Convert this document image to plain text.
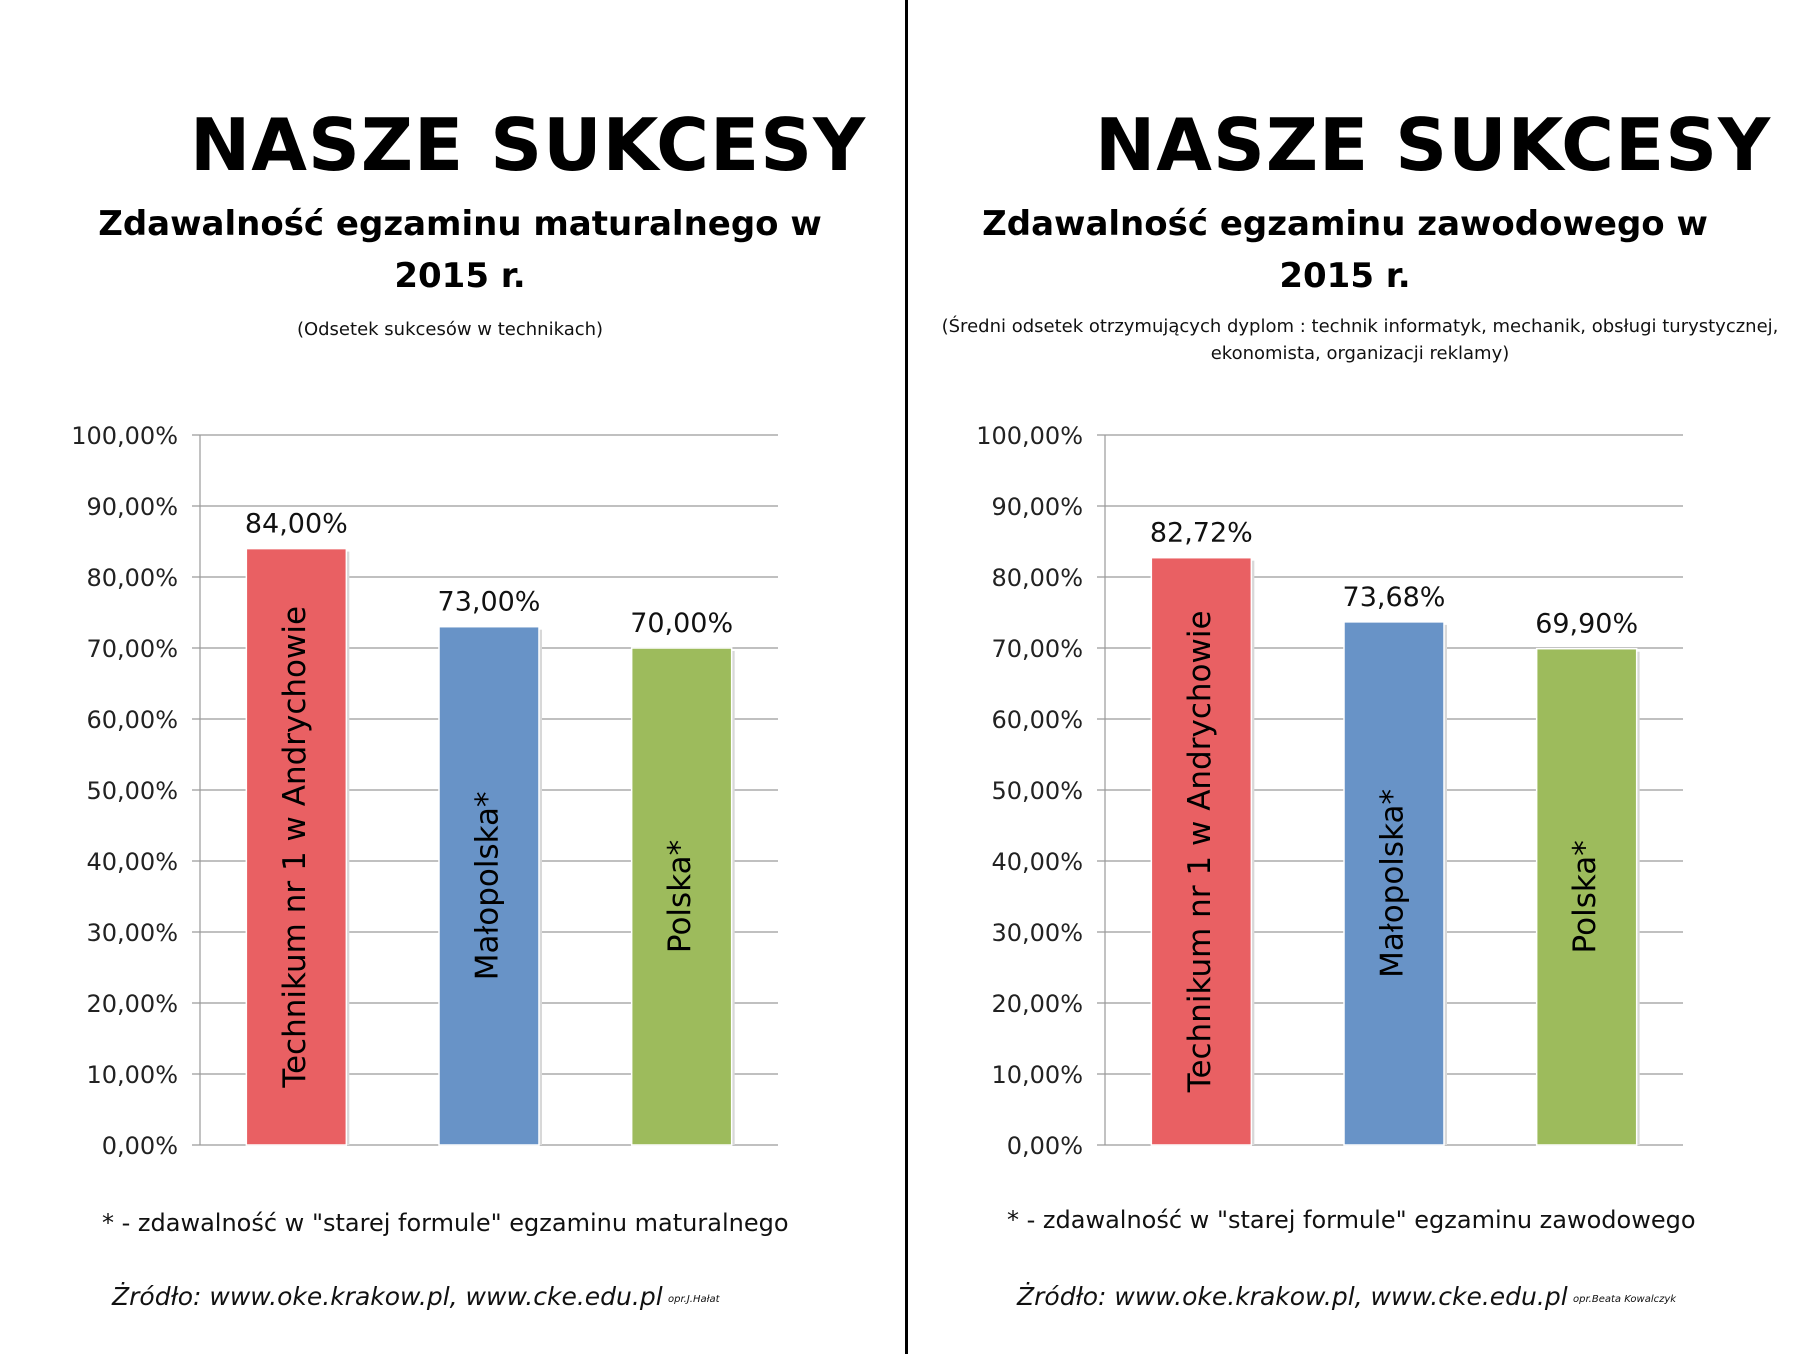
NASZE SUKCESY
Zdawalność egzaminu maturalnego w
2015 r.
(Odsetek sukcesów w technikach)
0,00%
10,00%
20,00%
30,00%
40,00%
50,00%
60,00%
70,00%
80,00%
90,00%
100,00%
84,00%
Technikum nr 1 w Andrychowie
73,00%
Małopolska*
70,00%
Polska*
* - zdawalność w "starej formule" egzaminu maturalnego
Żródło: www.oke.krakow.pl, www.cke.edu.pl opr.J.Hałat
NASZE SUKCESY
Zdawalność egzaminu zawodowego w
2015 r.
(Średni odsetek otrzymujących dyplom : technik informatyk, mechanik, obsługi turystycznej,
ekonomista, organizacji reklamy)
0,00%
10,00%
20,00%
30,00%
40,00%
50,00%
60,00%
70,00%
80,00%
90,00%
100,00%
82,72%
Technikum nr 1 w Andrychowie
73,68%
Małopolska*
69,90%
Polska*
* - zdawalność w "starej formule" egzaminu zawodowego
Żródło: www.oke.krakow.pl, www.cke.edu.pl opr.Beata Kowalczyk
